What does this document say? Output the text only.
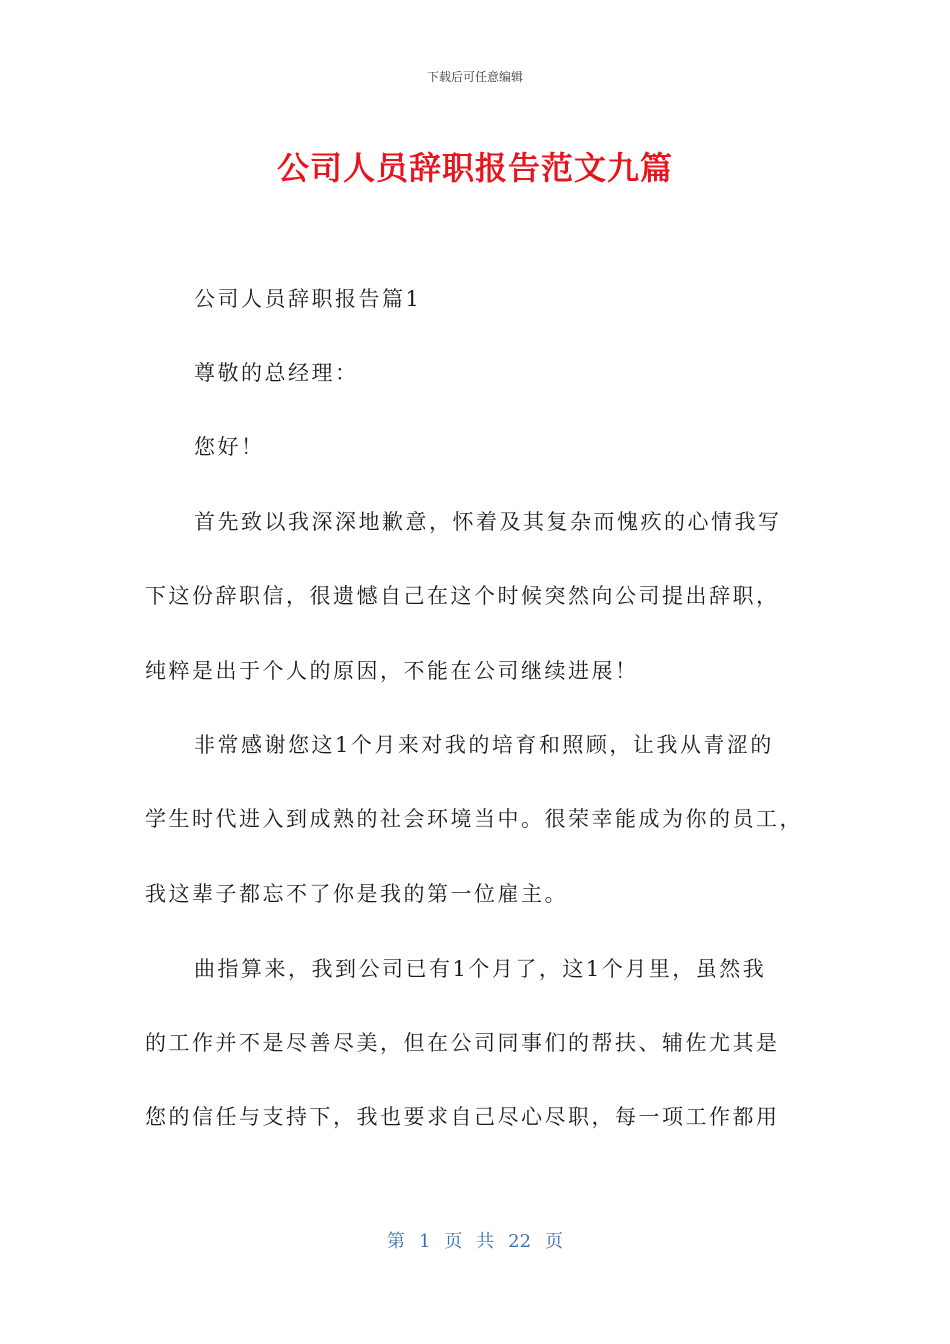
下载后可任意编辑
公司人员辞职报告范文九篇
公司人员辞职报告篇1
尊敬的总经理：
您好！
首先致以我深深地歉意，怀着及其复杂而愧疚的心情我写
下这份辞职信，很遗憾自己在这个时候突然向公司提出辞职，
纯粹是出于个人的原因，不能在公司继续进展！
非常感谢您这1个月来对我的培育和照顾，让我从青涩的
学生时代进入到成熟的社会环境当中。很荣幸能成为你的员工，
我这辈子都忘不了你是我的第一位雇主。
曲指算来，我到公司已有1个月了，这1个月里，虽然我
的工作并不是尽善尽美，但在公司同事们的帮扶、辅佐尤其是
您的信任与支持下，我也要求自己尽心尽职，每一项工作都用
第 1 页 共 22 页
